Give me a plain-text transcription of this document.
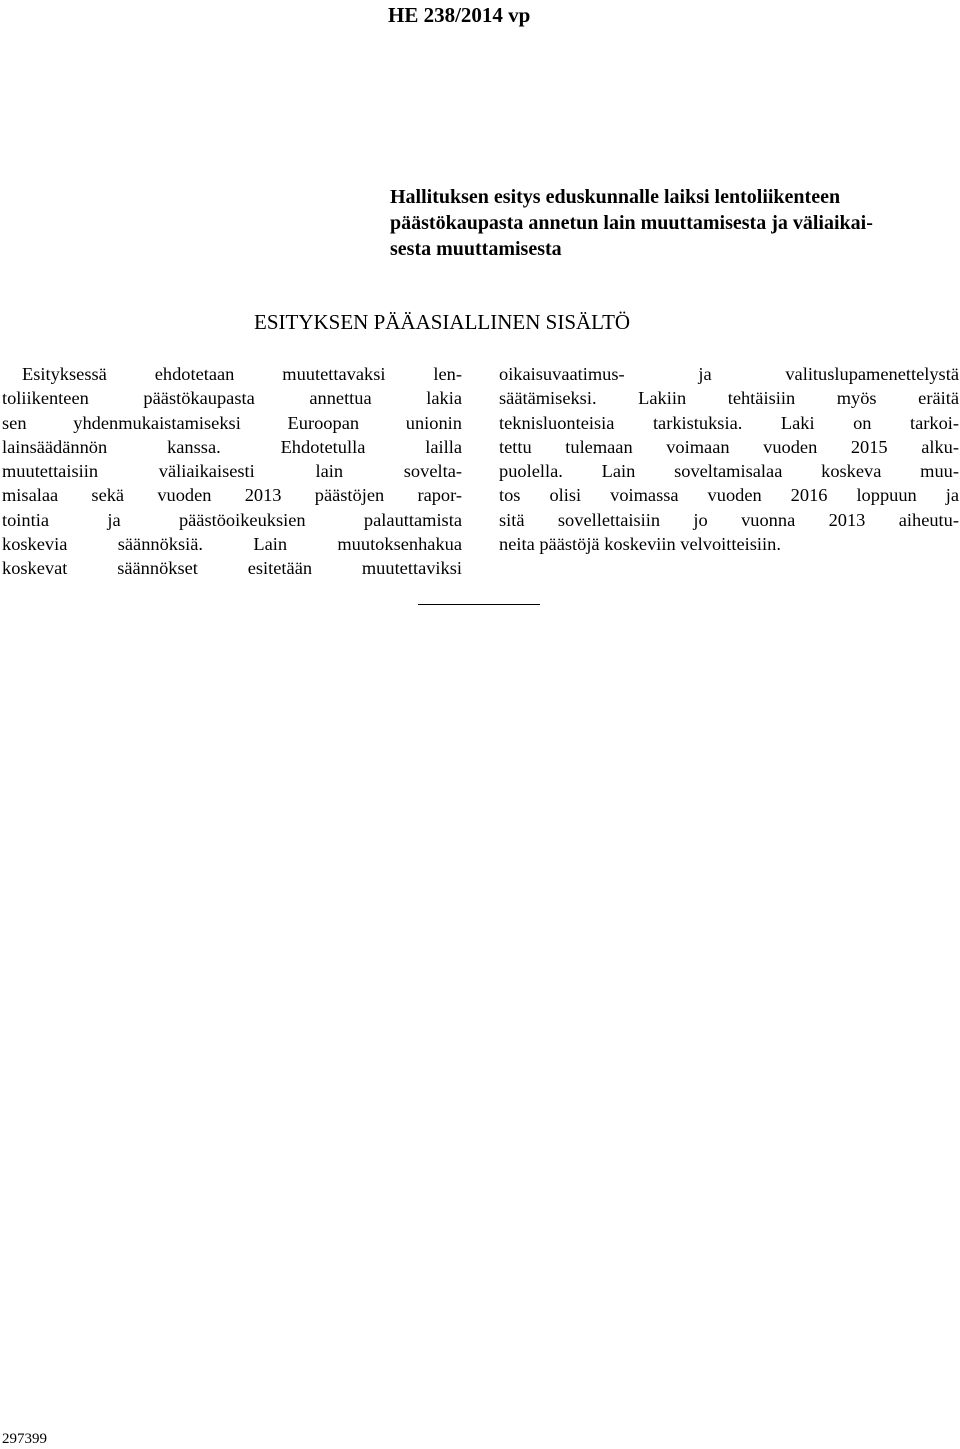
HE 238/2014 vp
Hallituksen esitys eduskunnalle laiksi lentoliikenteen
päästökaupasta annetun lain muuttamisesta ja väliaikai-
sesta muuttamisesta
ESITYKSEN PÄÄASIALLINEN SISÄLTÖ
Esityksessä ehdotetaan muutettavaksi len-
toliikenteen päästökaupasta annettua lakia
sen yhdenmukaistamiseksi Euroopan unionin
lainsäädännön kanssa. Ehdotetulla lailla
muutettaisiin väliaikaisesti lain sovelta-
misalaa sekä vuoden 2013 päästöjen rapor-
tointia ja päästöoikeuksien palauttamista
koskevia säännöksiä. Lain muutoksenhakua
koskevat säännökset esitetään muutettaviksi
oikaisuvaatimus- ja valituslupamenettelystä
säätämiseksi. Lakiin tehtäisiin myös eräitä
teknisluonteisia tarkistuksia. Laki on tarkoi-
tettu tulemaan voimaan vuoden 2015 alku-
puolella. Lain soveltamisalaa koskeva muu-
tos olisi voimassa vuoden 2016 loppuun ja
sitä sovellettaisiin jo vuonna 2013 aiheutu-
neita päästöjä koskeviin velvoitteisiin.
297399
